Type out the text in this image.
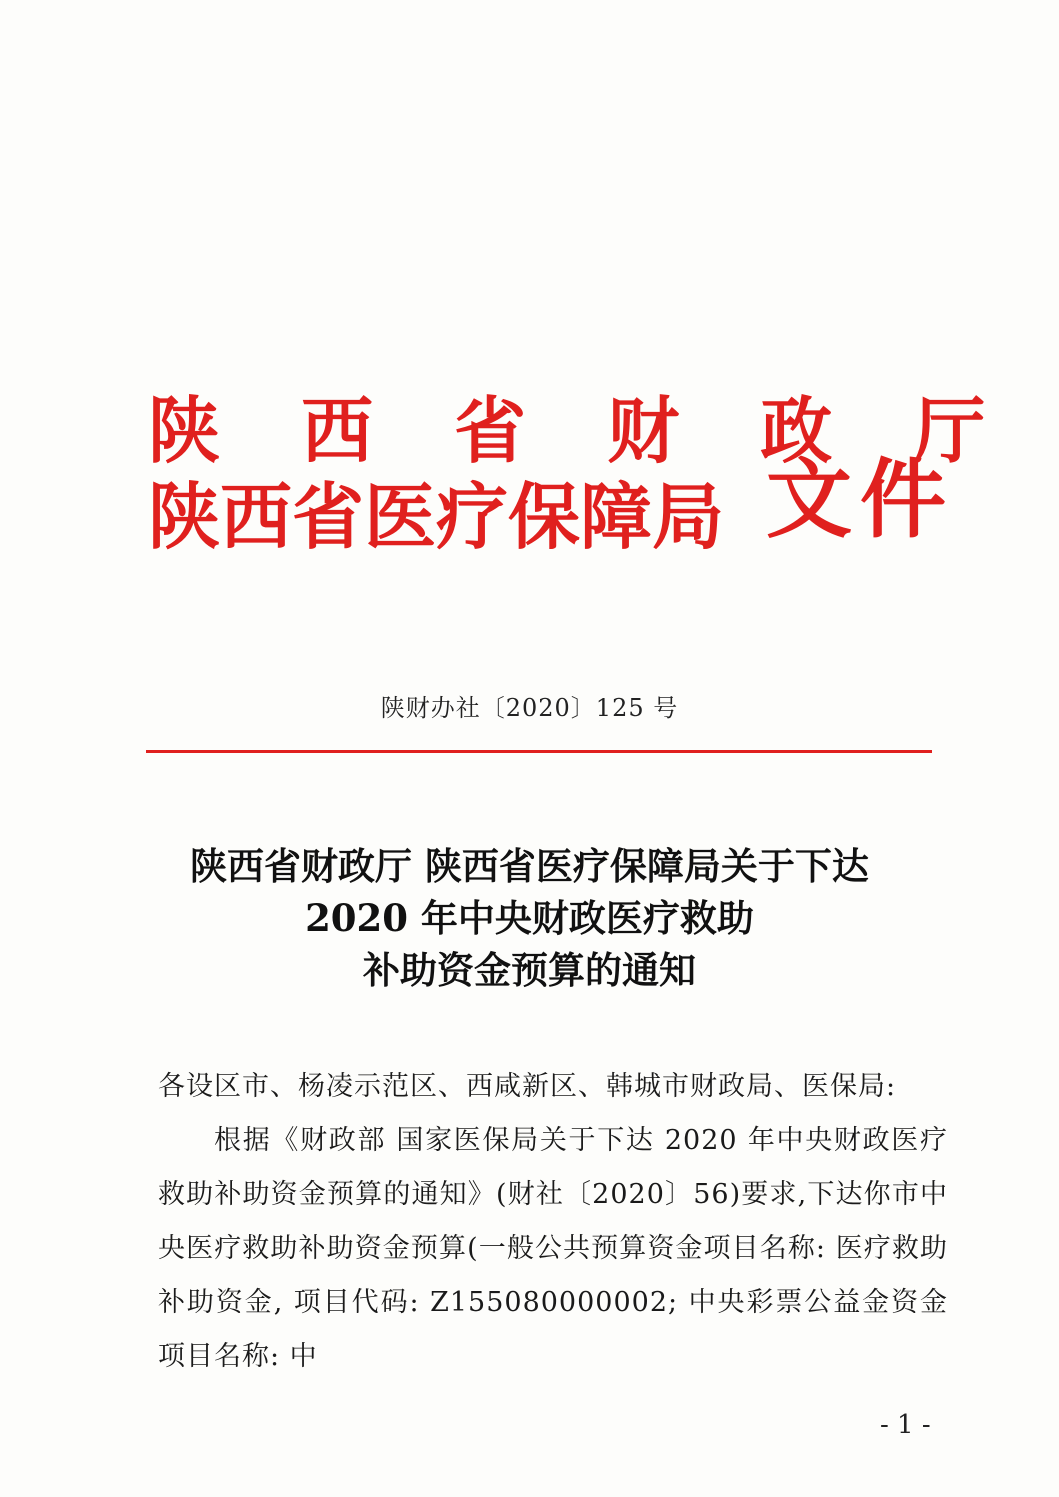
陕 西 省 财 政 厅
陕西省医疗保障局 文件
陕财办社〔2020〕125 号
陕西省财政厅 陕西省医疗保障局关于下达
2020 年中央财政医疗救助
补助资金预算的通知

各设区市、杨凌示范区、西咸新区、韩城市财政局、医保局:

根据《财政部 国家医保局关于下达 2020 年中央财政医疗救助补助资金预算的通知》(财社〔2020〕56)要求,下达你市中央医疗救助补助资金预算(一般公共预算资金项目名称: 医疗救助补助资金, 项目代码: Z155080000002; 中央彩票公益金资金项目名称: 中

- 1 -
